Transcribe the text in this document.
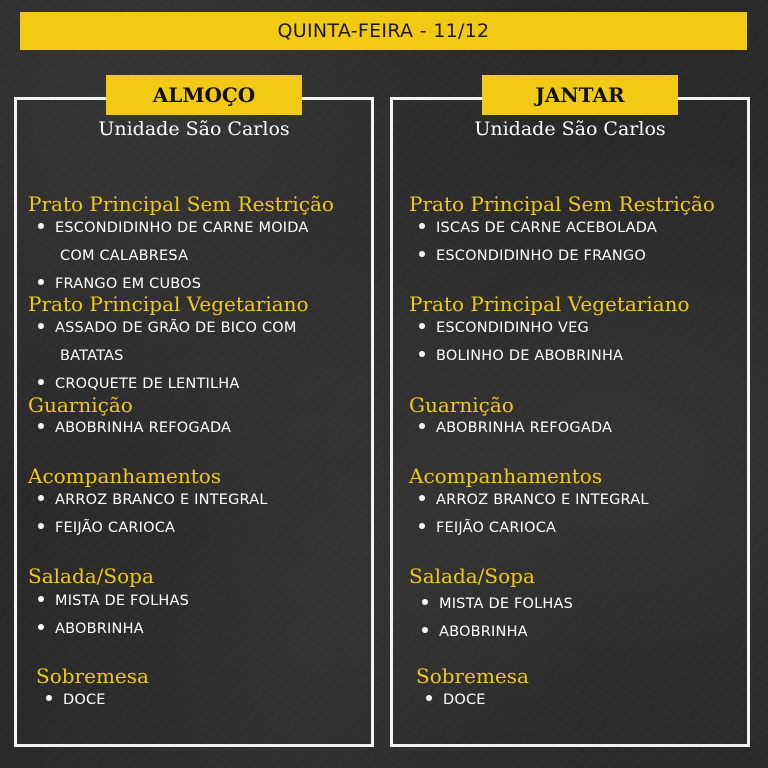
QUINTA-FEIRA - 11/12
ALMOÇO
Unidade São Carlos
Prato Principal Sem Restrição
ESCONDIDINHO DE CARNE MOIDA
COM CALABRESA
FRANGO EM CUBOS
Prato Principal Vegetariano
ASSADO DE GRÃO DE BICO COM
BATATAS
CROQUETE DE LENTILHA
Guarnição
ABOBRINHA REFOGADA
Acompanhamentos
ARROZ BRANCO E INTEGRAL
FEIJÃO CARIOCA
Salada/Sopa
MISTA DE FOLHAS
ABOBRINHA
Sobremesa
DOCE
JANTAR
Unidade São Carlos
Prato Principal Sem Restrição
ISCAS DE CARNE ACEBOLADA
ESCONDIDINHO DE FRANGO
Prato Principal Vegetariano
ESCONDIDINHO VEG
BOLINHO DE ABOBRINHA
Guarnição
ABOBRINHA REFOGADA
Acompanhamentos
ARROZ BRANCO E INTEGRAL
FEIJÃO CARIOCA
Salada/Sopa
MISTA DE FOLHAS
ABOBRINHA
Sobremesa
DOCE
